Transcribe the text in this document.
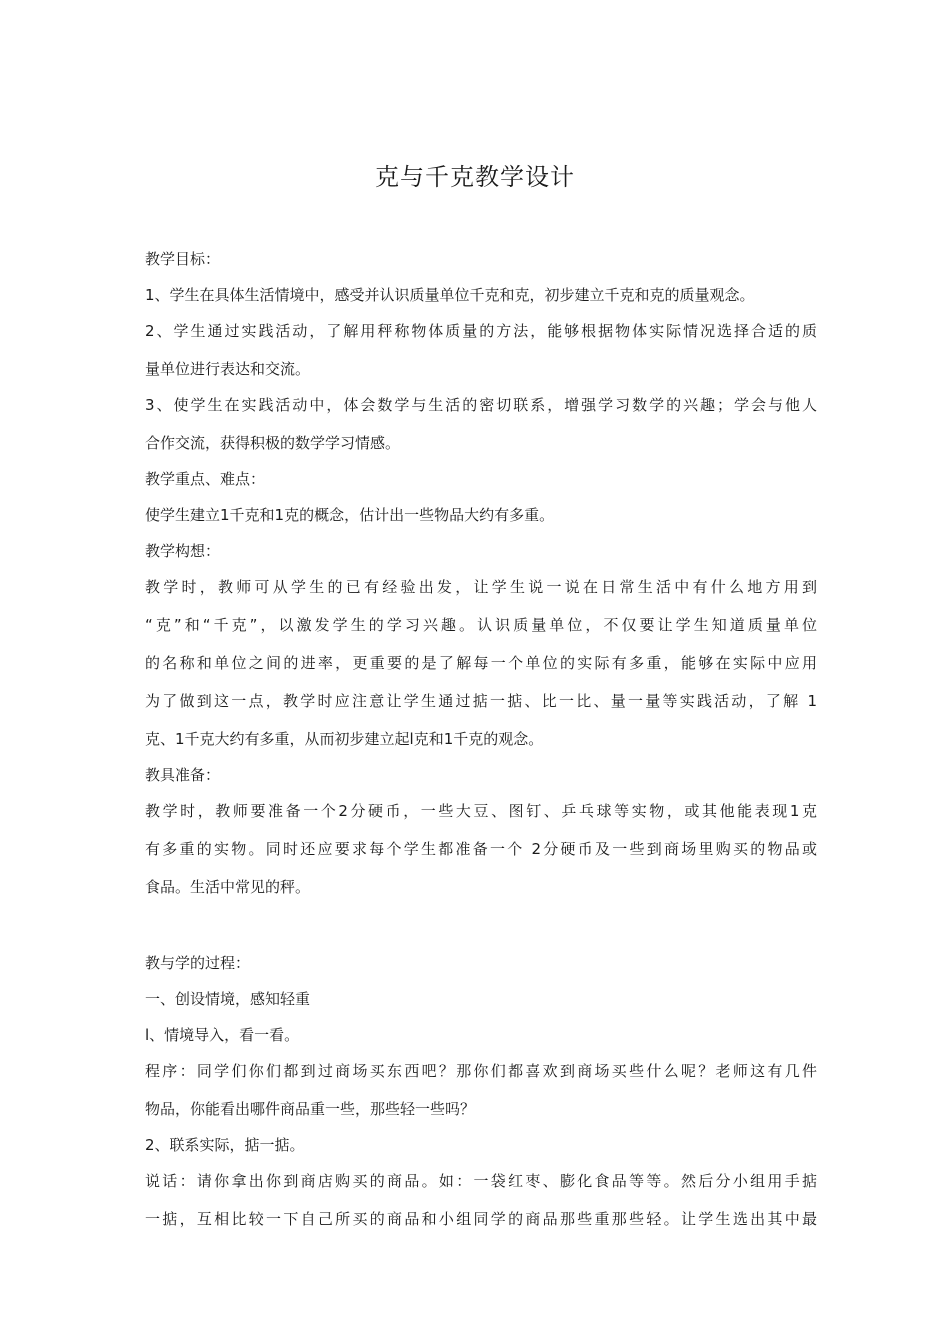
克与千克教学设计

教学目标：

1、学生在具体生活情境中，感受并认识质量单位千克和克，初步建立千克和克的质量观念。

2、学生通过实践活动，了解用秤称物体质量的方法，能够根据物体实际情况选择合适的质

量单位进行表达和交流。

3、使学生在实践活动中，体会数学与生活的密切联系，增强学习数学的兴趣；学会与他人

合作交流，获得积极的数学学习情感。

教学重点、难点：

使学生建立1千克和1克的概念，估计出一些物品大约有多重。

教学构想：

教学时，教师可从学生的已有经验出发，让学生说一说在日常生活中有什么地方用到

“克”和“千克”，以激发学生的学习兴趣。认识质量单位，不仅要让学生知道质量单位

的名称和单位之间的进率，更重要的是了解每一个单位的实际有多重，能够在实际中应用

为了做到这一点，教学时应注意让学生通过掂一掂、比一比、量一量等实践活动，了解 1

克、1千克大约有多重，从而初步建立起l克和1千克的观念。

教具准备：

教学时，教师要准备一个2分硬币，一些大豆、图钉、乒乓球等实物，或其他能表现1克

有多重的实物。同时还应要求每个学生都准备一个 2分硬币及一些到商场里购买的物品或

食品。生活中常见的秤。

教与学的过程：

一、创设情境，感知轻重

l、情境导入，看一看。

程序：同学们你们都到过商场买东西吧？那你们都喜欢到商场买些什么呢？老师这有几件

物品，你能看出哪件商品重一些，那些轻一些吗？

2、联系实际，掂一掂。

说话：请你拿出你到商店购买的商品。如：一袋红枣、膨化食品等等。然后分小组用手掂

一掂，互相比较一下自己所买的商品和小组同学的商品那些重那些轻。让学生选出其中最
